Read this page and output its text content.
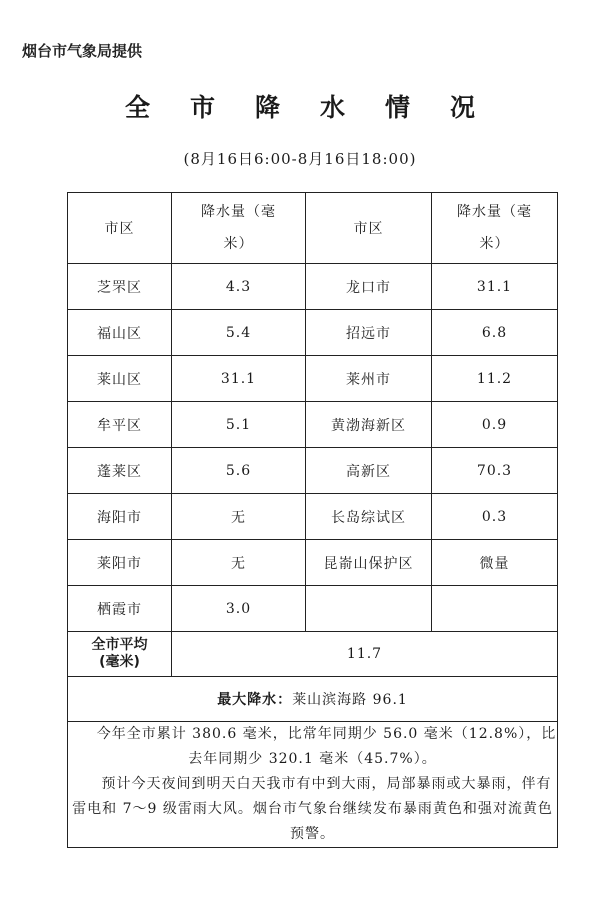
烟台市气象局提供
全市降水情况
(8月16日6:00-8月16日18:00)
市区	降水量（毫
米）	市区	降水量（毫
米）
芝罘区	4.3	龙口市	31.1
福山区	5.4	招远市	6.8
莱山区	31.1	莱州市	11.2
牟平区	5.1	黄渤海新区	0.9
蓬莱区	5.6	高新区	70.3
海阳市	无	长岛综试区	0.3
莱阳市	无	昆嵛山保护区	微量
栖霞市	3.0		
全市平均
(毫米)	11.7		
最大降水：莱山滨海路 96.1			

今年全市累计 380.6 毫米，比常年同期少 56.0 毫米（12.8%），比去年同期少 320.1 毫米（45.7%）。

预计今天夜间到明天白天我市有中到大雨，局部暴雨或大暴雨，伴有雷电和 7～9 级雷雨大风。烟台市气象台继续发布暴雨黄色和强对流黄色预警。			
